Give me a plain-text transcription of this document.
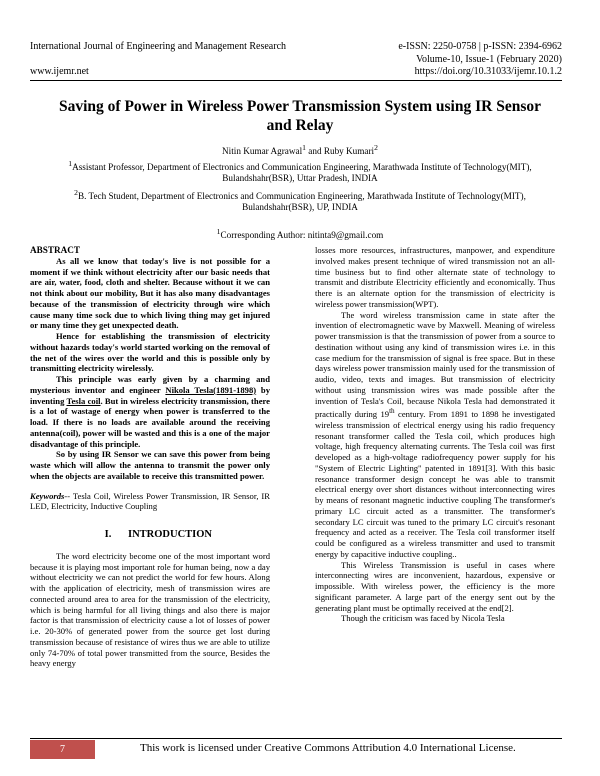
International Journal of Engineering and Management Research	e-ISSN: 2250-0758 | p-ISSN: 2394-6962
Volume-10, Issue-1 (February 2020)
www.ijemr.net	https://doi.org/10.31033/ijemr.10.1.2
Saving of Power in Wireless Power Transmission System using IR Sensor
and Relay
Nitin Kumar Agrawal$^1$ and Ruby Kumari$^2$
$^1$Assistant Professor, Department of Electronics and Communication Engineering, Marathwada Institute of Technology(MIT), Bulandshahr(BSR), Uttar Pradesh, INDIA
$^2$B. Tech Student, Department of Electronics and Communication Engineering, Marathwada Institute of Technology(MIT), Bulandshahr(BSR), UP, INDIA
$^1$Corresponding Author: nitinta9@gmail.com

ABSTRACT

As all we know that today's live is not possible for a moment if we think without electricity after our basic needs that are air, water, food, cloth and shelter. Because without it we can not think about our mobility, But it has also many disadvantages because of the transmission of electricity through wire which cause many time sock due to which living thing may get injured or many time they get unexpected death.

Hence for establishing the transmission of electricity without hazards today's world started working on the removal of the net of the wires over the world and this is possible only by transmitting electricity wirelessly.

This principle was early given by a charming and mysterious inventor and engineer Nikola Tesla(1891-1898) by inventing Tesla coil. But in wireless electricity transmission, there is a lot of wastage of energy when power is transferred to the load. If there is no loads are available around the receiving antenna(coil), power will be wasted and this is a one of the major disadvantage of this principle.

So by using IR Sensor we can save this power from being waste which will allow the antenna to transmit the power only when the objects are available to receive this transmitted power.

Keywords-- Tesla Coil, Wireless Power Transmission, IR Sensor, IR LED, Electricity, Inductive Coupling

I. INTRODUCTION

The word electricity become one of the most important word because it is playing most important role for human being, now a day without electricity we can not predict the world for few hours. Along with the application of electricity, mesh of transmission wires are connected around area to area for the transmission of the electricity, which is being harmful for all living things and also there is major factor is that transmission of electricity cause a lot of losses of power i.e. 20-30% of generated power from the source get lost during transmission because of resistance of wires thus we are able to utilize only 74-70% of total power transmitted from the source, Besides the heavy energy

losses more resources, infrastructures, manpower, and expenditure involved makes present technique of wired transmission not an all-time business but to find other alternate state of technology to transmit and distribute Electricity efficiently and economically. Thus there is an alternate option for the transmission of electricity is wireless power transmission(WPT).

The word wireless transmission came in state after the invention of electromagnetic wave by Maxwell. Meaning of wireless power transmission is that the transmission of power from a source to destination without using any kind of transmission wires i.e. in this case medium for the transmission of signal is free space. But in these days wireless power transmission mainly used for the transmission of audio, video, texts and images. But transmission of electricity without using transmission wires was made possible after the invention of Tesla's Coil, because Nikola Tesla had demonstrated it practically during 19th century. From 1891 to 1898 he investigated wireless transmission of electrical energy using his radio frequency resonant transformer called the Tesla coil, which produces high voltage, high frequency alternating currents. The Tesla coil was first developed as a high-voltage radiofrequency power supply for his "System of Electric Lighting" patented in 1891[3]. With this basic resonance transformer design concept he was able to transmit electrical energy over short distances without interconnecting wires by means of resonant magnetic inductive coupling The transformer's primary LC circuit acted as a transmitter. The transformer's secondary LC circuit was tuned to the primary LC circuit's resonant frequency and acted as a receiver. The Tesla coil transformer itself could be configured as a wireless transmitter and used to transmit energy by capacitive inductive coupling..

This Wireless Transmission is useful in cases where interconnecting wires are inconvenient, hazardous, expensive or impossible. With wireless power, the efficiency is the more significant parameter. A large part of the energy sent out by the generating plant must be optimally received at the end[2].

Though the criticism was faced by Nicola Tesla

7	This work is licensed under Creative Commons Attribution 4.0 International License.
